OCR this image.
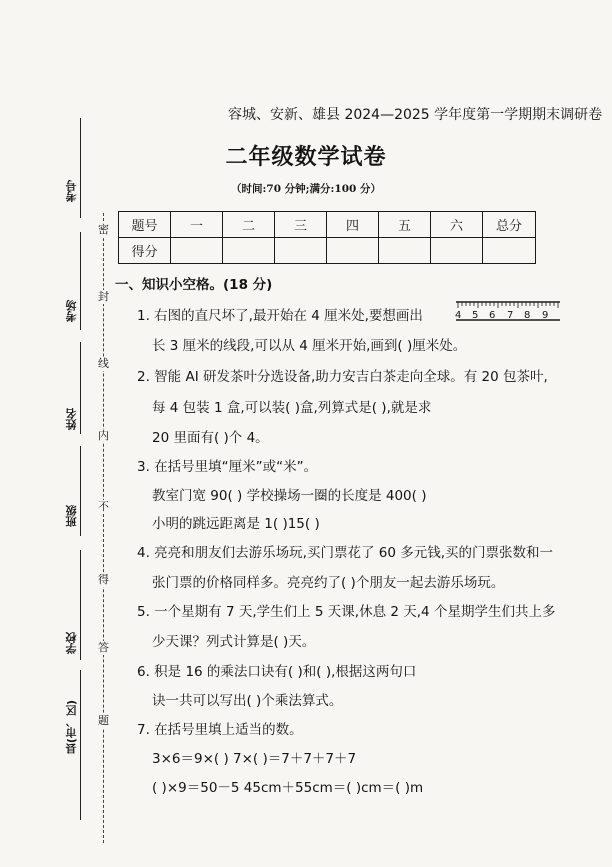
考号
考场
姓名
班级
学校
县(市、区)
密
封
线
内
不
得
答
题
容城、安新、雄县 2024—2025 学年度第一学期期末调研卷
二年级数学试卷
（时间:70 分钟;满分:100 分）
题号	一	二	三	四	五	六	总分
得分							
一、知识小空格。(18 分)
4 5 6 7 8 9
1. 右图的直尺坏了,最开始在 4 厘米处,要想画出
长 3 厘米的线段,可以从 4 厘米开始,画到( )厘米处。
2. 智能 AI 研发茶叶分选设备,助力安吉白茶走向全球。有 20 包茶叶,
每 4 包装 1 盒,可以装( )盒,列算式是( ),就是求
20 里面有( )个 4。
3. 在括号里填“厘米”或“米”。
教室门宽 90( ) 学校操场一圈的长度是 400( )
小明的跳远距离是 1( )15( )
4. 亮亮和朋友们去游乐场玩,买门票花了 60 多元钱,买的门票张数和一
张门票的价格同样多。亮亮约了( )个朋友一起去游乐场玩。
5. 一个星期有 7 天,学生们上 5 天课,休息 2 天,4 个星期学生们共上多
少天课？列式计算是( )天。
6. 积是 16 的乘法口诀有( )和( ),根据这两句口
诀一共可以写出( )个乘法算式。
7. 在括号里填上适当的数。
3×6＝9×( ) 7×( )＝7＋7＋7＋7
( )×9＝50－5 45cm＋55cm＝( )cm＝( )m
